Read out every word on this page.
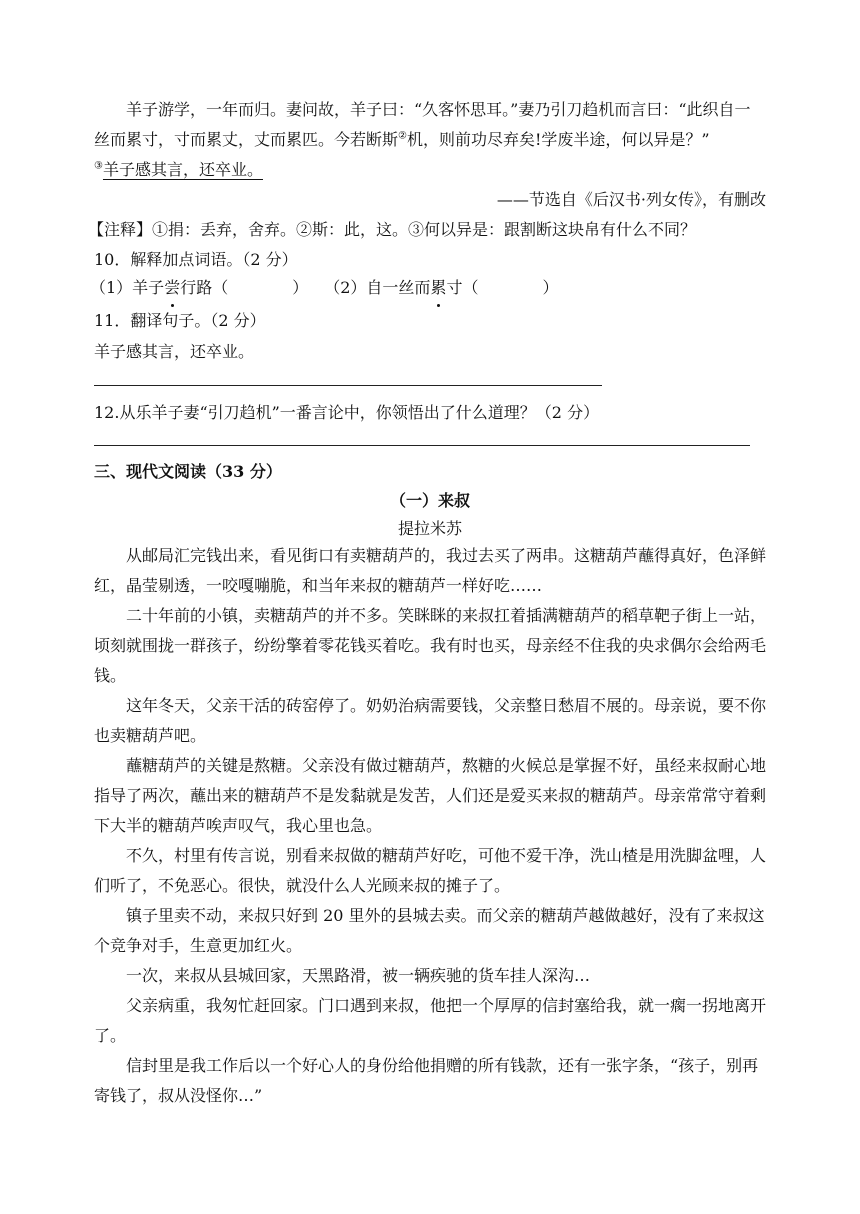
羊子游学，一年而归。妻问故，羊子曰：“久客怀思耳。”妻乃引刀趋机而言曰：“此织自一丝而累寸，寸而累丈，丈而累匹。今若断斯②机，则前功尽弃矣!学废半途，何以异是？”　　　③羊子感其言，还卒业。

——节选自《后汉书·列女传》，有删改

【注释】①捐：丢弃，舍弃。②斯：此，这。③何以异是：跟割断这块帛有什么不同？

10．解释加点词语。（2 分）

（1）羊子尝行路（　　　　）　　 （2）自一丝而累寸（　　　　）

11．翻译句子。（2 分）

羊子感其言，还卒业。

12.从乐羊子妻“引刀趋机”一番言论中，你领悟出了什么道理？（2 分）

三、现代文阅读（33 分）

（一）来叔
提拉米苏

从邮局汇完钱出来，看见街口有卖糖葫芦的，我过去买了两串。这糖葫芦蘸得真好，色泽鲜红，晶莹剔透，一咬嘎嘣脆，和当年来叔的糖葫芦一样好吃……

二十年前的小镇，卖糖葫芦的并不多。笑眯眯的来叔扛着插满糖葫芦的稻草靶子街上一站，顷刻就围拢一群孩子，纷纷擎着零花钱买着吃。我有时也买，母亲经不住我的央求偶尔会给两毛钱。

这年冬天，父亲干活的砖窑停了。奶奶治病需要钱，父亲整日愁眉不展的。母亲说，要不你也卖糖葫芦吧。

蘸糖葫芦的关键是熬糖。父亲没有做过糖葫芦，熬糖的火候总是掌握不好，虽经来叔耐心地指导了两次，蘸出来的糖葫芦不是发黏就是发苦，人们还是爱买来叔的糖葫芦。母亲常常守着剩下大半的糖葫芦唉声叹气，我心里也急。

不久，村里有传言说，别看来叔做的糖葫芦好吃，可他不爱干净，洗山楂是用洗脚盆哩，人们听了，不免恶心。很快，就没什么人光顾来叔的摊子了。

镇子里卖不动，来叔只好到 20 里外的县城去卖。而父亲的糖葫芦越做越好，没有了来叔这个竞争对手，生意更加红火。

一次，来叔从县城回家，天黑路滑，被一辆疾驰的货车挂人深沟…

父亲病重，我匆忙赶回家。门口遇到来叔，他把一个厚厚的信封塞给我，就一瘸一拐地离开了。

信封里是我工作后以一个好心人的身份给他捐赠的所有钱款，还有一张字条，“孩子，别再寄钱了，叔从没怪你…”
